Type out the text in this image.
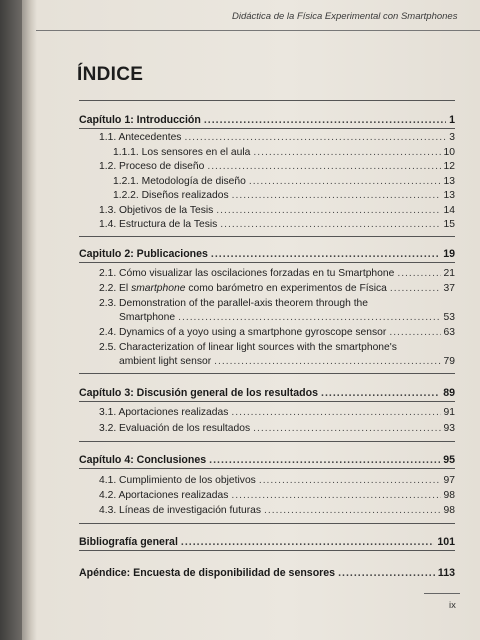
Didáctica de la Física Experimental con Smartphones
ÍNDICE
Capítulo 1: Introducción .....	1
1.1. Antecedentes .....	3
1.1.1. Los sensores en el aula .....	10
1.2. Proceso de diseño .....	12
1.2.1. Metodología de diseño .....	13
1.2.2. Diseños realizados .....	13
1.3. Objetivos de la Tesis .....	14
1.4. Estructura de la Tesis .....	15
Capitulo 2: Publicaciones .....	19
2.1. Cómo visualizar las oscilaciones forzadas en tu Smartphone .....	21
2.2. El smartphone como barómetro en experimentos de Física .....	37
2.3. Demonstration of the parallel-axis theorem through the
Smartphone .....	53
2.4. Dynamics of a yoyo using a smartphone gyroscope sensor .....	63
2.5. Characterization of linear light sources with the smartphone's
ambient light sensor .....	79
Capítulo 3: Discusión general de los resultados .....	89
3.1. Aportaciones realizadas .....	91
3.2. Evaluación de los resultados .....	93
Capítulo 4: Conclusiones .....	95
4.1. Cumplimiento de los objetivos .....	97
4.2. Aportaciones realizadas .....	98
4.3. Líneas de investigación futuras .....	98
Bibliografía general .....	101
Apéndice: Encuesta de disponibilidad de sensores .....	113
ix
